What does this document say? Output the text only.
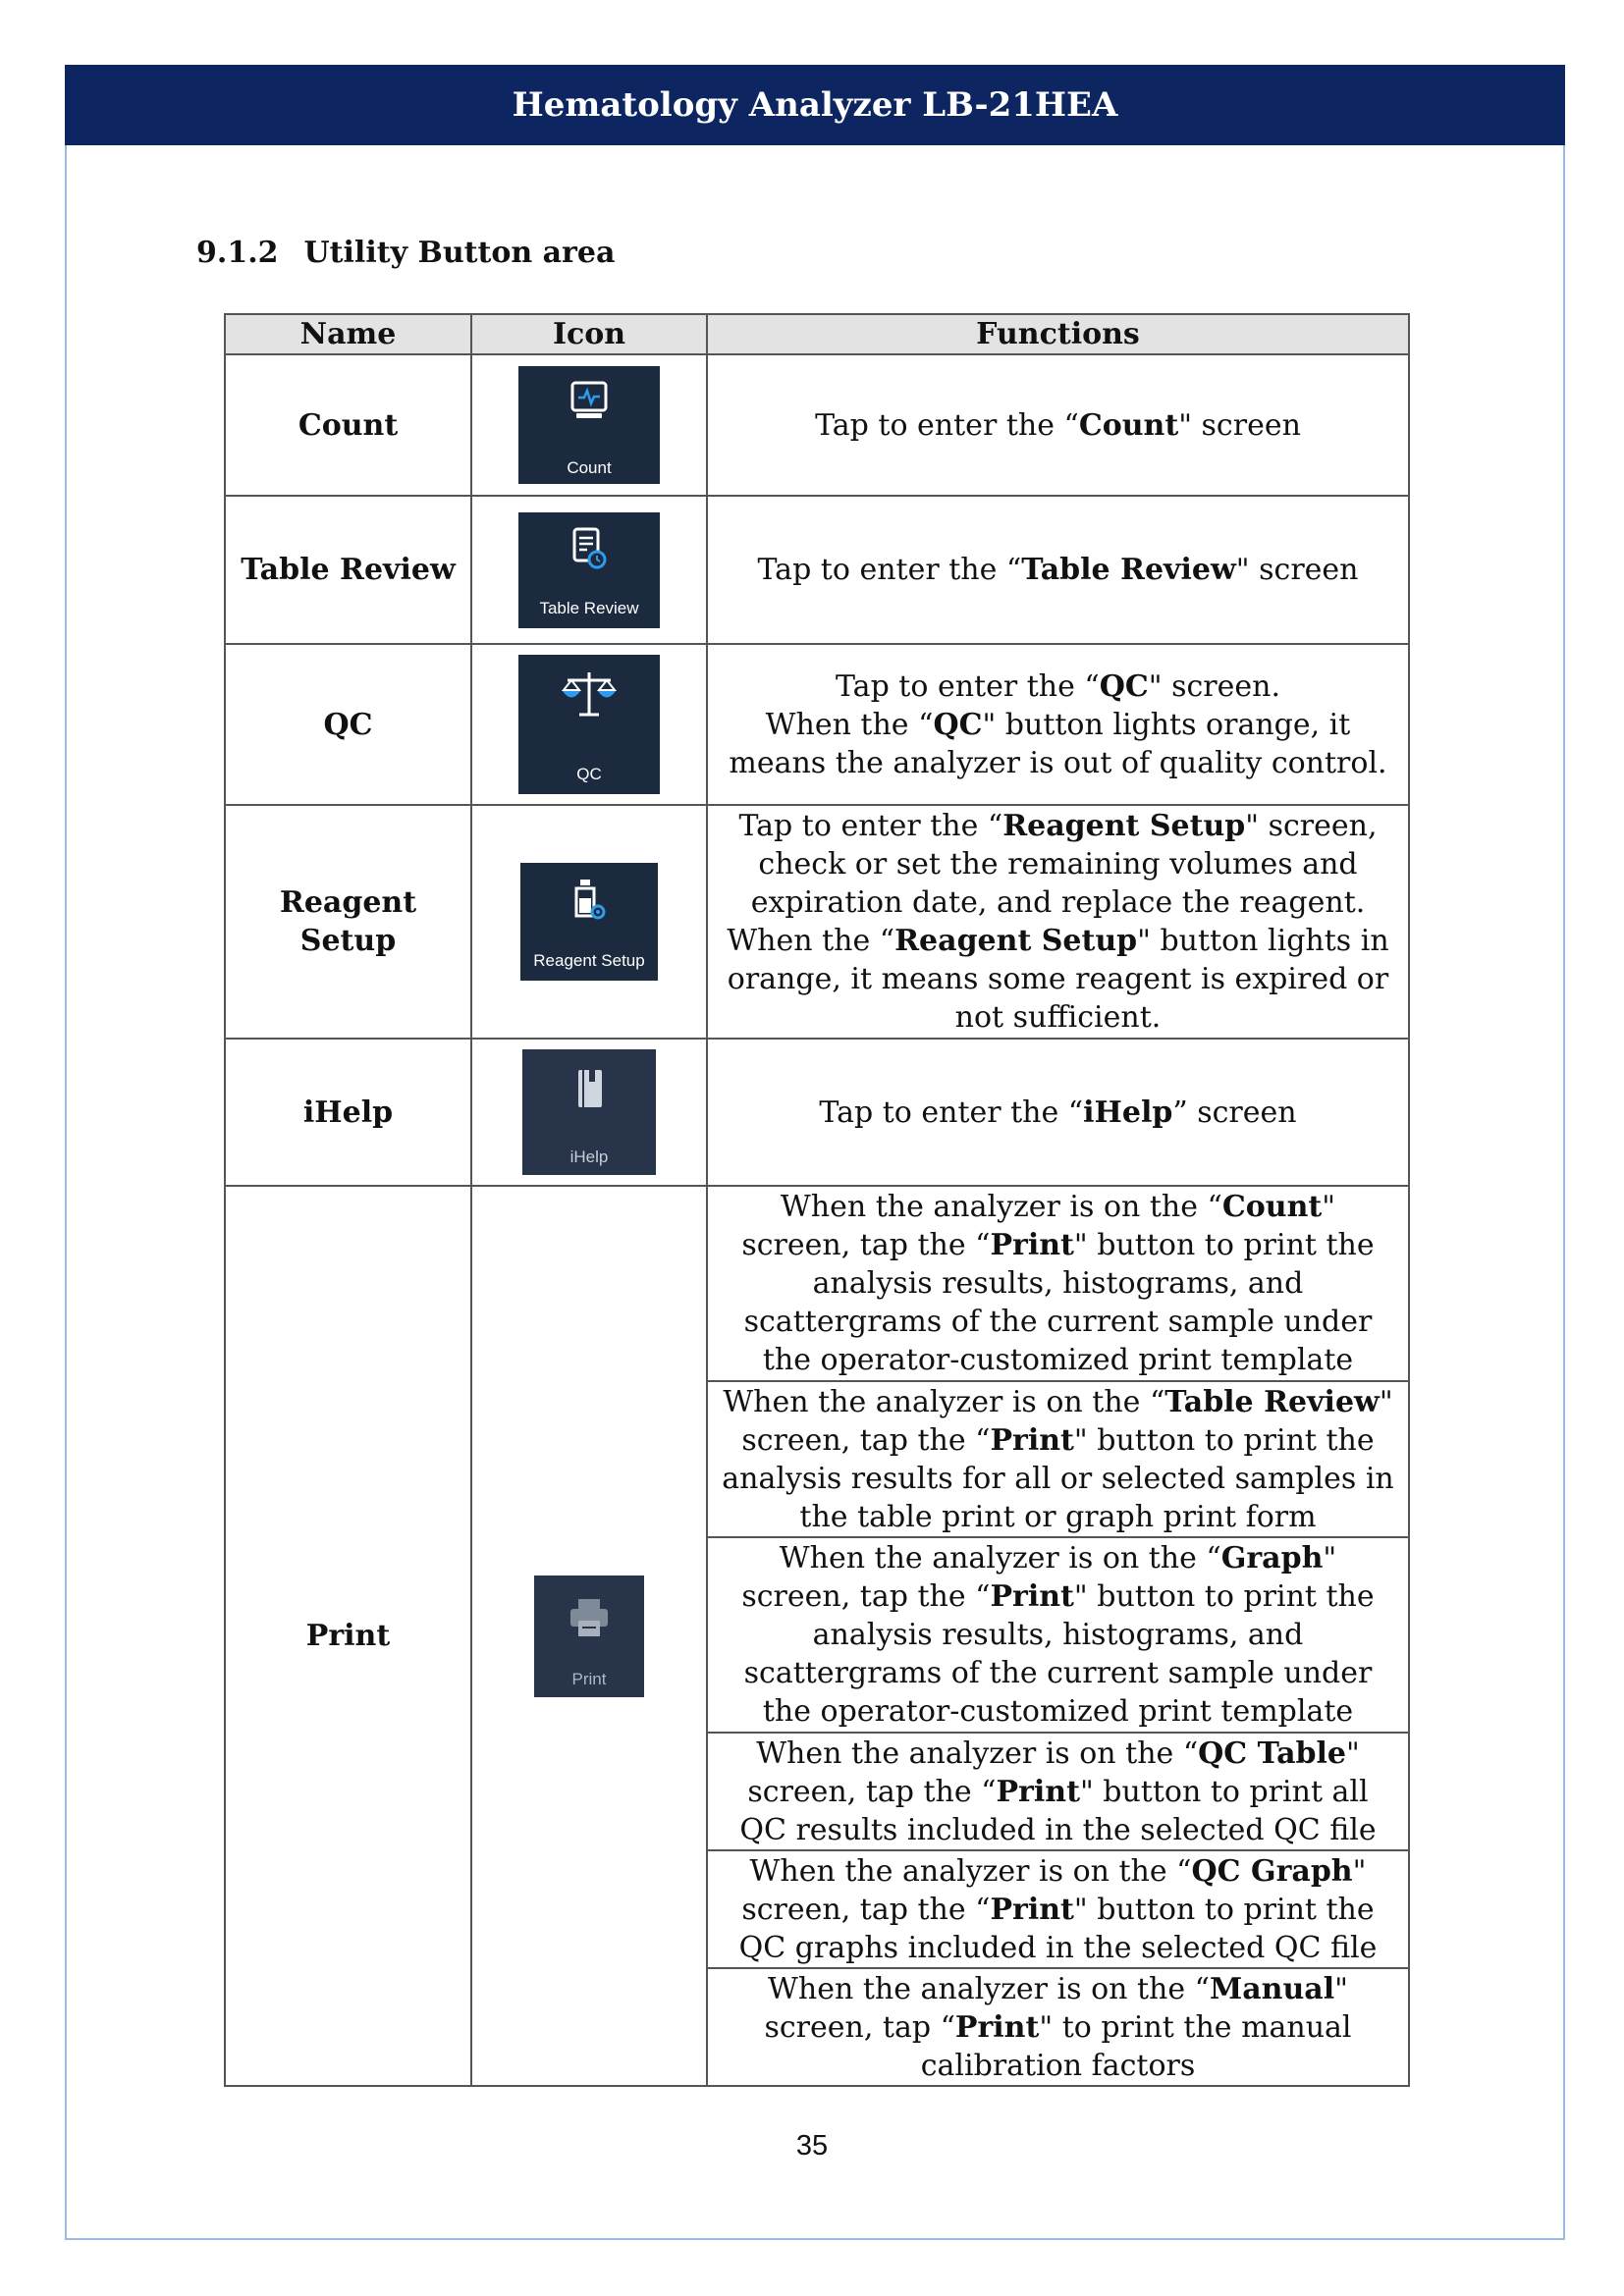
Hematology Analyzer LB-21HEA
9.1.2 Utility Button area
Name	Icon	Functions
Count	Count	Tap to enter the “Count" screen
Table Review	Table Review	Tap to enter the “Table Review" screen
QC	QC	Tap to enter the “QC" screen.
When the “QC" button lights orange, it means the analyzer is out of quality control.
Reagent Setup	Reagent Setup	Tap to enter the “Reagent Setup" screen, check or set the remaining volumes and expiration date, and replace the reagent.
When the “Reagent Setup" button lights in orange, it means some reagent is expired or not sufficient.
iHelp	iHelp	Tap to enter the “iHelp” screen
Print	Print	When the analyzer is on the “Count" screen, tap the “Print" button to print the analysis results, histograms, and scattergrams of the current sample under the operator-customized print template
		When the analyzer is on the “Table Review" screen, tap the “Print" button to print the analysis results for all or selected samples in the table print or graph print form
		When the analyzer is on the “Graph" screen, tap the “Print" button to print the analysis results, histograms, and scattergrams of the current sample under the operator-customized print template
		When the analyzer is on the “QC Table" screen, tap the “Print" button to print all QC results included in the selected QC file
		When the analyzer is on the “QC Graph" screen, tap the “Print" button to print the QC graphs included in the selected QC file
		When the analyzer is on the “Manual" screen, tap “Print" to print the manual calibration factors
35
